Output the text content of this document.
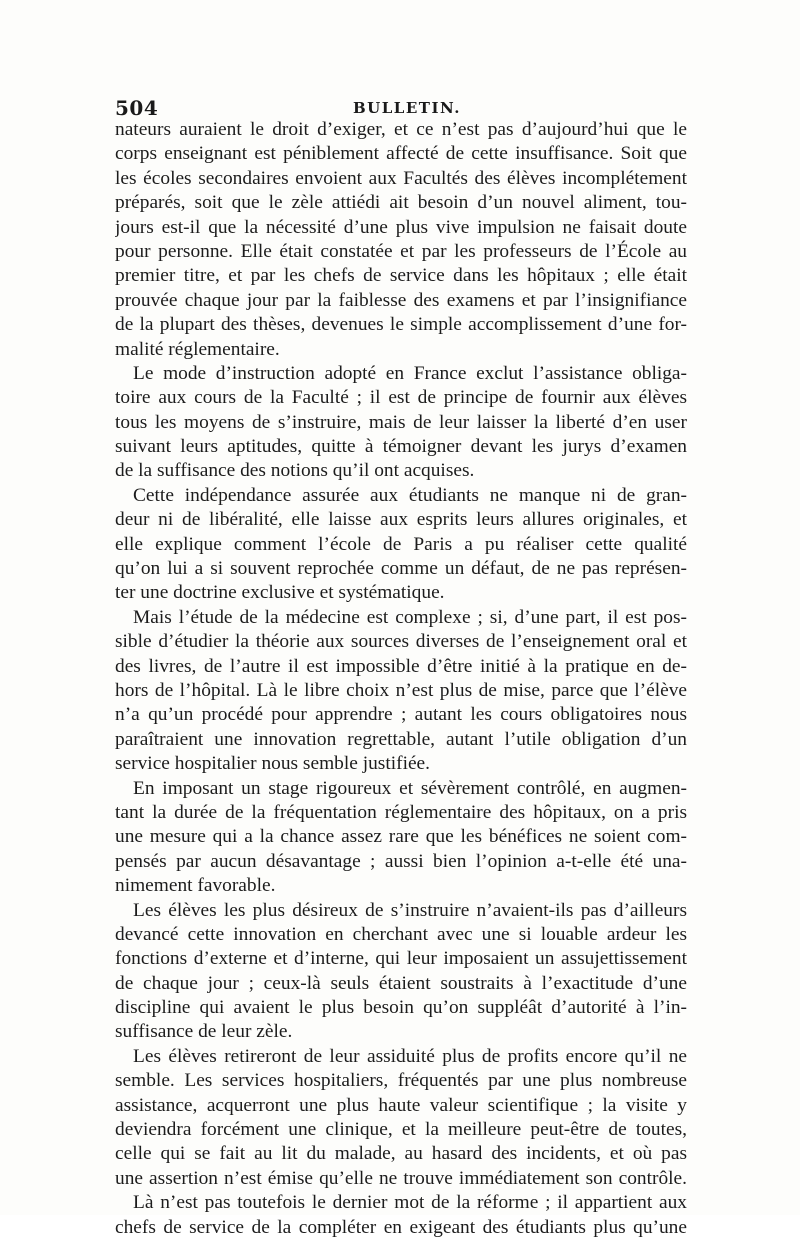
504	BULLETIN.
nateurs auraient le droit d’exiger, et ce n’est pas d’aujourd’hui que le
corps enseignant est péniblement affecté de cette insuffisance. Soit que
les écoles secondaires envoient aux Facultés des élèves incomplétement
préparés, soit que le zèle attiédi ait besoin d’un nouvel aliment, tou-
jours est-il que la nécessité d’une plus vive impulsion ne faisait doute
pour personne. Elle était constatée et par les professeurs de l’École au
premier titre, et par les chefs de service dans les hôpitaux ; elle était
prouvée chaque jour par la faiblesse des examens et par l’insignifiance
de la plupart des thèses, devenues le simple accomplissement d’une for-
malité réglementaire.
Le mode d’instruction adopté en France exclut l’assistance obliga-
toire aux cours de la Faculté ; il est de principe de fournir aux élèves
tous les moyens de s’instruire, mais de leur laisser la liberté d’en user
suivant leurs aptitudes, quitte à témoigner devant les jurys d’examen
de la suffisance des notions qu’il ont acquises.
Cette indépendance assurée aux étudiants ne manque ni de gran-
deur ni de libéralité, elle laisse aux esprits leurs allures originales, et
elle explique comment l’école de Paris a pu réaliser cette qualité
qu’on lui a si souvent reprochée comme un défaut, de ne pas représen-
ter une doctrine exclusive et systématique.
Mais l’étude de la médecine est complexe ; si, d’une part, il est pos-
sible d’étudier la théorie aux sources diverses de l’enseignement oral et
des livres, de l’autre il est impossible d’être initié à la pratique en de-
hors de l’hôpital. Là le libre choix n’est plus de mise, parce que l’élève
n’a qu’un procédé pour apprendre ; autant les cours obligatoires nous
paraîtraient une innovation regrettable, autant l’utile obligation d’un
service hospitalier nous semble justifiée.
En imposant un stage rigoureux et sévèrement contrôlé, en augmen-
tant la durée de la fréquentation réglementaire des hôpitaux, on a pris
une mesure qui a la chance assez rare que les bénéfices ne soient com-
pensés par aucun désavantage ; aussi bien l’opinion a-t-elle été una-
nimement favorable.
Les élèves les plus désireux de s’instruire n’avaient-ils pas d’ailleurs
devancé cette innovation en cherchant avec une si louable ardeur les
fonctions d’externe et d’interne, qui leur imposaient un assujettissement
de chaque jour ; ceux-là seuls étaient soustraits à l’exactitude d’une
discipline qui avaient le plus besoin qu’on suppléât d’autorité à l’in-
suffisance de leur zèle.
Les élèves retireront de leur assiduité plus de profits encore qu’il ne
semble. Les services hospitaliers, fréquentés par une plus nombreuse
assistance, acquerront une plus haute valeur scientifique ; la visite y
deviendra forcément une clinique, et la meilleure peut-être de toutes,
celle qui se fait au lit du malade, au hasard des incidents, et où pas
une assertion n’est émise qu’elle ne trouve immédiatement son contrôle.
Là n’est pas toutefois le dernier mot de la réforme ; il appartient aux
chefs de service de la compléter en exigeant des étudiants plus qu’une
